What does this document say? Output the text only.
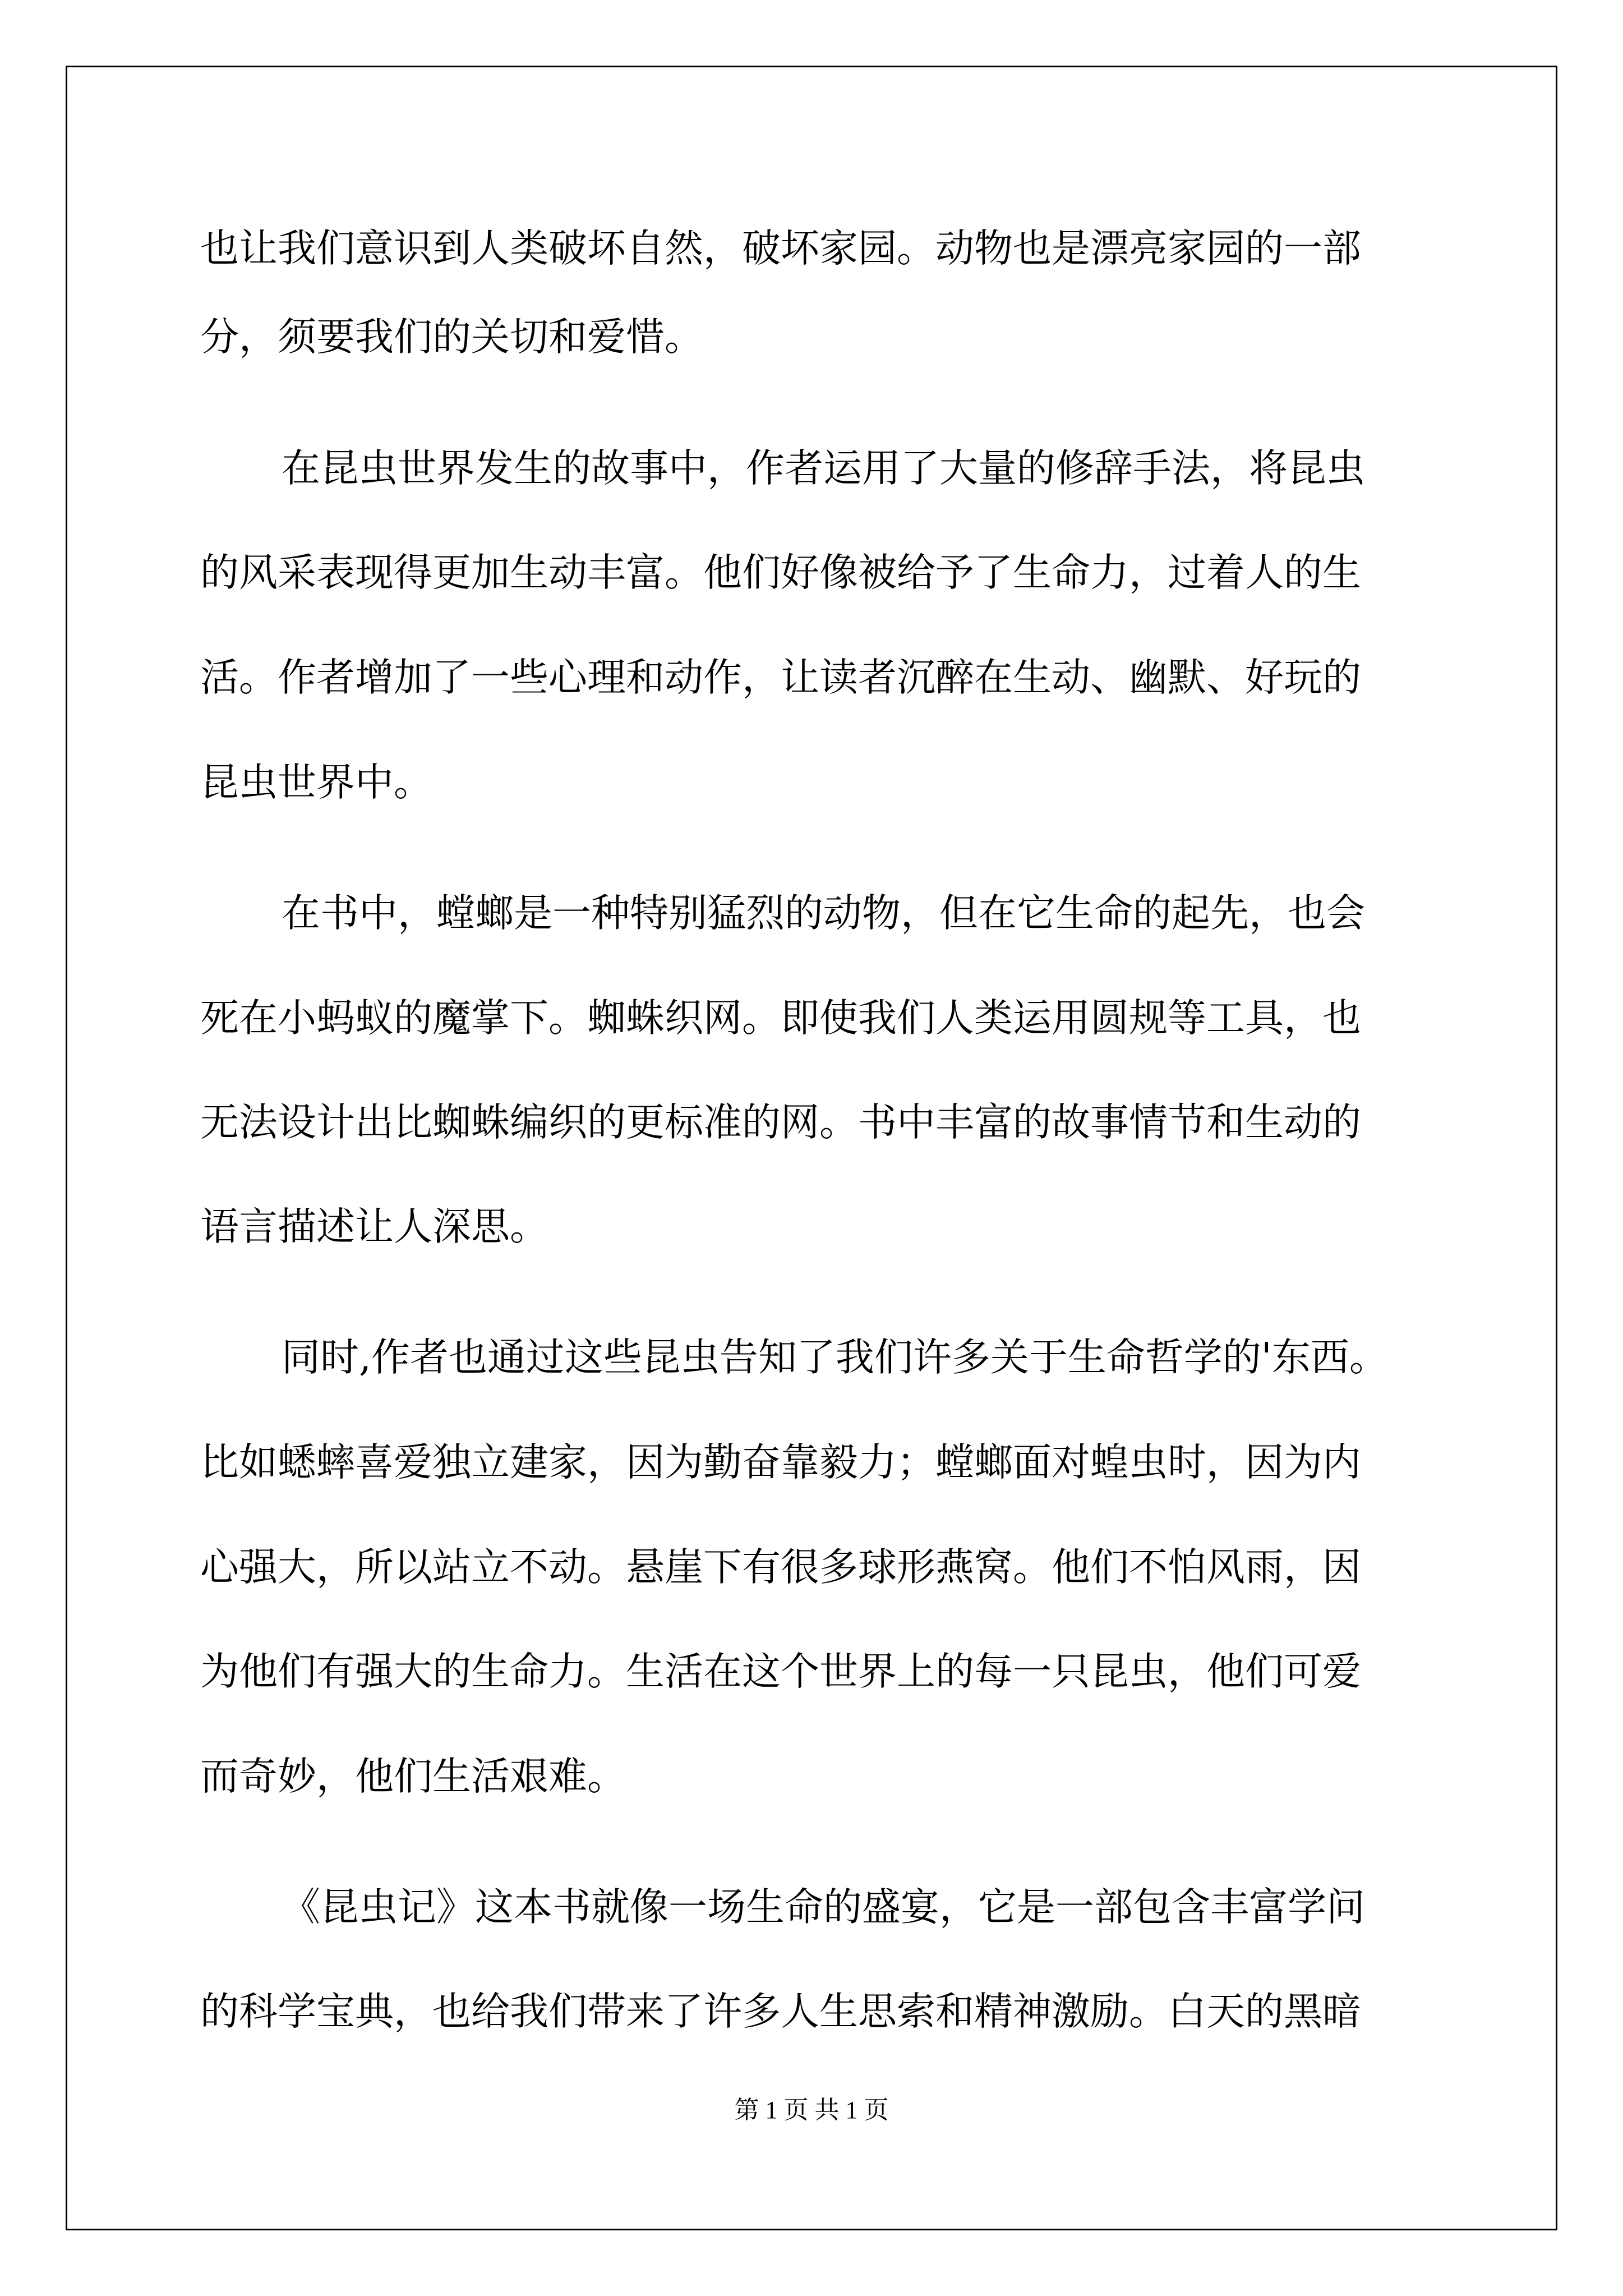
也让我们意识到人类破坏自然，破坏家园。动物也是漂亮家园的一部

分，须要我们的关切和爱惜。

在昆虫世界发生的故事中，作者运用了大量的修辞手法，将昆虫

的风采表现得更加生动丰富。他们好像被给予了生命力，过着人的生

活。作者增加了一些心理和动作，让读者沉醉在生动、幽默、好玩的

昆虫世界中。

在书中，螳螂是一种特别猛烈的动物，但在它生命的起先，也会

死在小蚂蚁的魔掌下。蜘蛛织网。即使我们人类运用圆规等工具，也

无法设计出比蜘蛛编织的更标准的网。书中丰富的故事情节和生动的

语言描述让人深思。

同时,作者也通过这些昆虫告知了我们许多关于生命哲学的'东西。

比如蟋蟀喜爱独立建家，因为勤奋靠毅力；螳螂面对蝗虫时，因为内

心强大，所以站立不动。悬崖下有很多球形燕窝。他们不怕风雨，因

为他们有强大的生命力。生活在这个世界上的每一只昆虫，他们可爱

而奇妙，他们生活艰难。

《昆虫记》这本书就像一场生命的盛宴，它是一部包含丰富学问

的科学宝典，也给我们带来了许多人生思索和精神激励。白天的黑暗

第 1 页 共 1 页
